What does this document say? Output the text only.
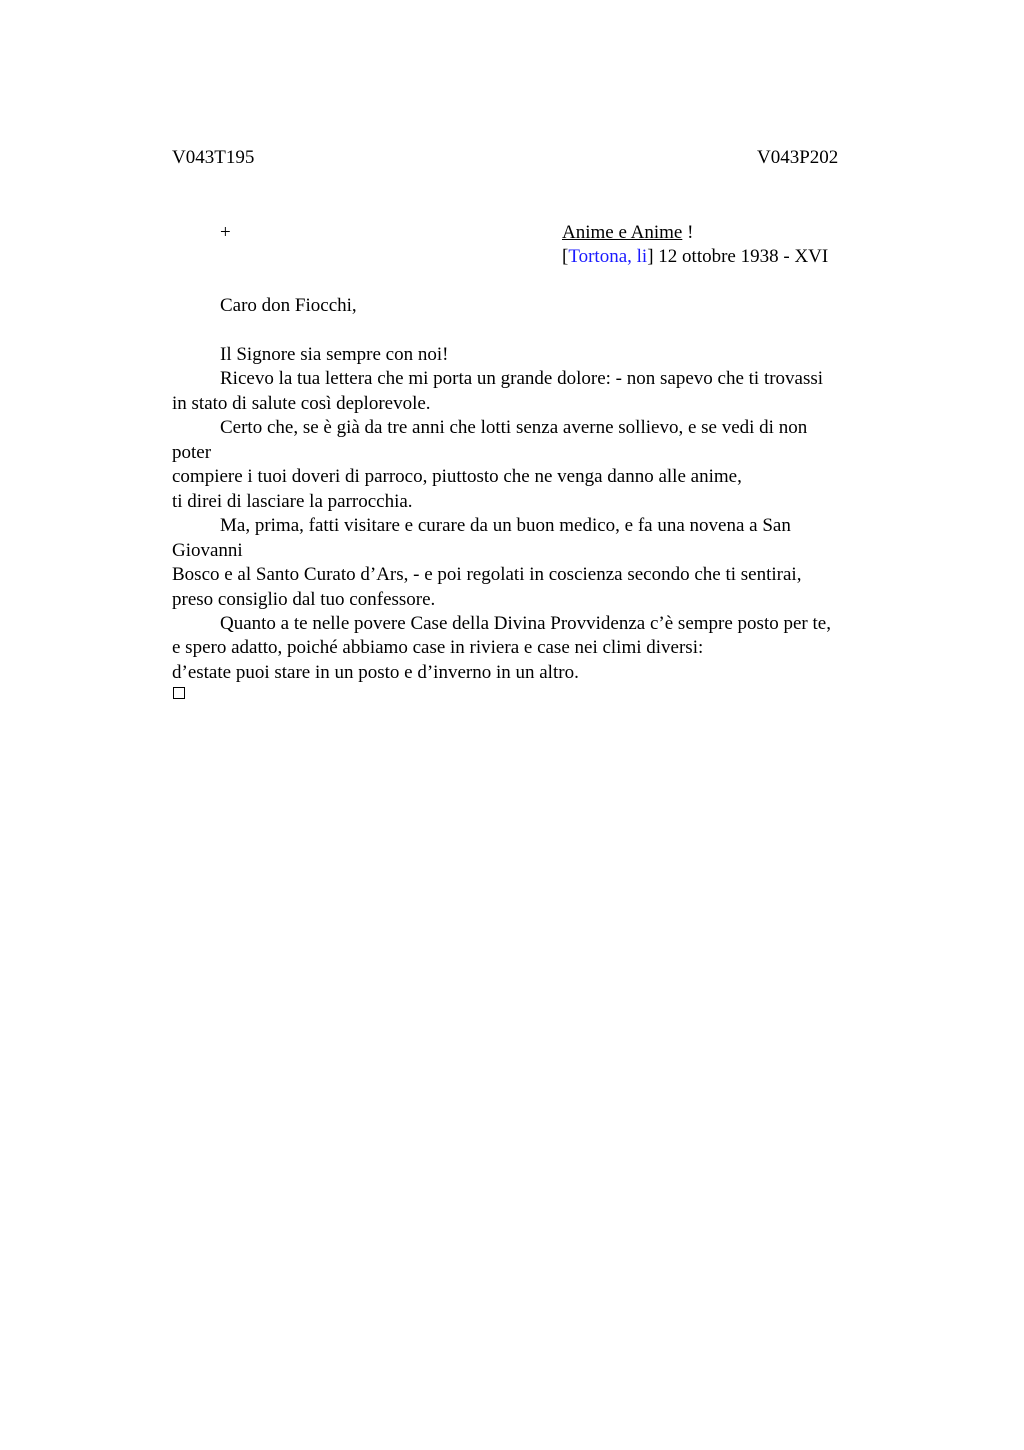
V043T195	V043P202
+	Anime e Anime !
[Tortona, li] 12 ottobre 1938 - XVI
Caro don Fiocchi,
Il Signore sia sempre con noi!
Ricevo la tua lettera che mi porta un grande dolore: - non sapevo che ti trovassi
in stato di salute così deplorevole.
Certo che, se è già da tre anni che lotti senza averne sollievo, e se vedi di non
poter
compiere i tuoi doveri di parroco, piuttosto che ne venga danno alle anime,
ti direi di lasciare la parrocchia.
Ma, prima, fatti visitare e curare da un buon medico, e fa una novena a San
Giovanni
Bosco e al Santo Curato d’Ars, - e poi regolati in coscienza secondo che ti sentirai,
preso consiglio dal tuo confessore.
Quanto a te nelle povere Case della Divina Provvidenza c’è sempre posto per te,
e spero adatto, poiché abbiamo case in riviera e case nei climi diversi:
d’estate puoi stare in un posto e d’inverno in un altro.
